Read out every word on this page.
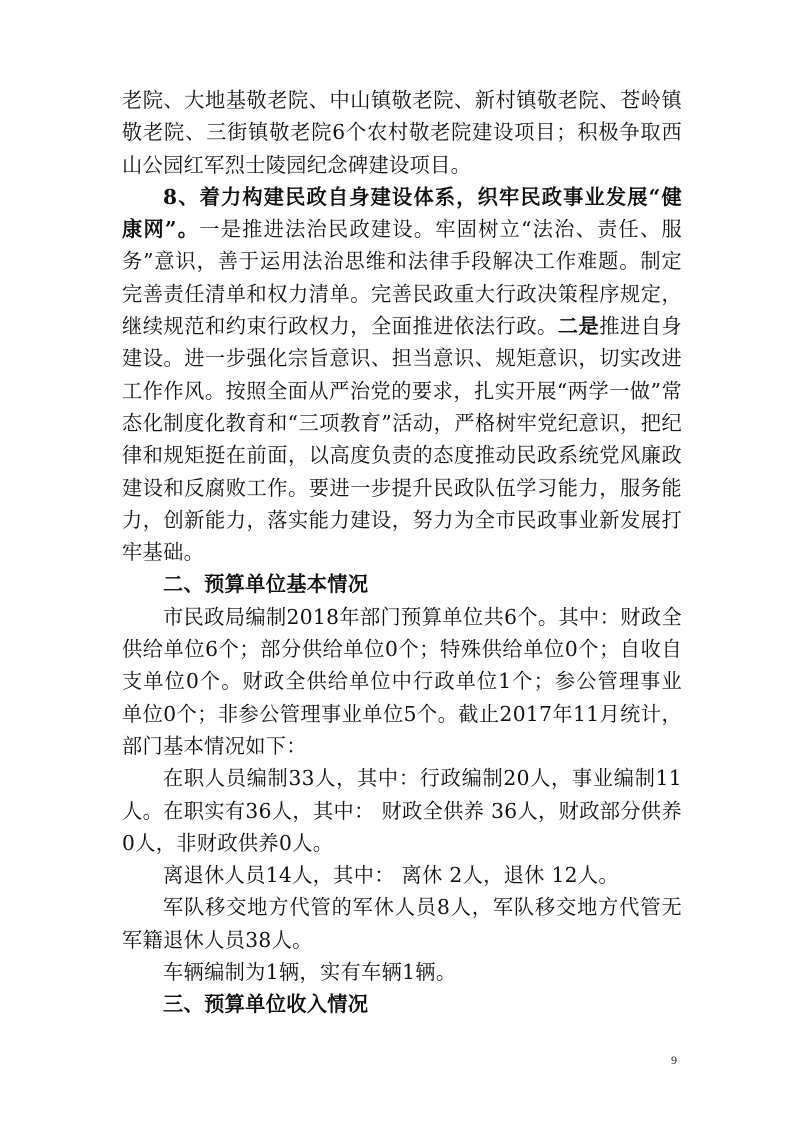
老院、大地基敬老院、中山镇敬老院、新村镇敬老院、苍岭镇敬老院、三街镇敬老院6个农村敬老院建设项目；积极争取西山公园红军烈士陵园纪念碑建设项目。

8、着力构建民政自身建设体系，织牢民政事业发展“健康网”。一是推进法治民政建设。牢固树立“法治、责任、服务”意识，善于运用法治思维和法律手段解决工作难题。制定完善责任清单和权力清单。完善民政重大行政决策程序规定，继续规范和约束行政权力，全面推进依法行政。二是推进自身建设。进一步强化宗旨意识、担当意识、规矩意识，切实改进工作作风。按照全面从严治党的要求，扎实开展“两学一做”常态化制度化教育和“三项教育”活动，严格树牢党纪意识，把纪律和规矩挺在前面，以高度负责的态度推动民政系统党风廉政建设和反腐败工作。要进一步提升民政队伍学习能力，服务能力，创新能力，落实能力建设，努力为全市民政事业新发展打牢基础。

二、预算单位基本情况

市民政局编制2018年部门预算单位共6个。其中：财政全供给单位6个；部分供给单位0个；特殊供给单位0个；自收自支单位0个。财政全供给单位中行政单位1个；参公管理事业单位0个；非参公管理事业单位5个。截止2017年11月统计，部门基本情况如下：

在职人员编制33人，其中：行政编制20人，事业编制11人。在职实有36人，其中： 财政全供养 36人，财政部分供养0人，非财政供养0人。

离退休人员14人，其中： 离休 2人，退休 12人。

军队移交地方代管的军休人员8人，军队移交地方代管无军籍退休人员38人。

车辆编制为1辆，实有车辆1辆。

三、预算单位收入情况

9
